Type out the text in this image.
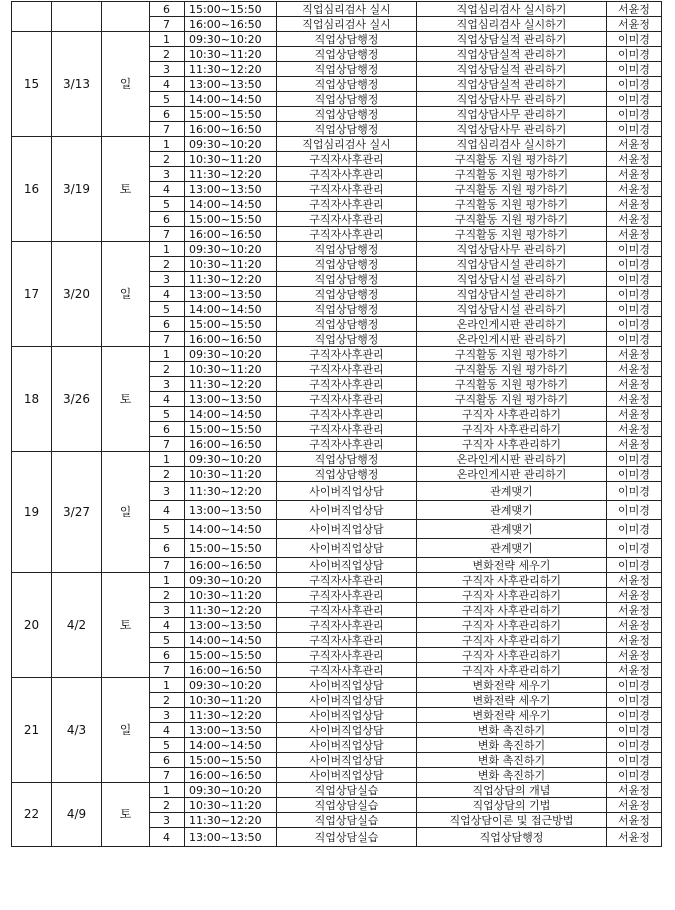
			6	15:00~15:50	직업심리검사 실시	직업심리검사 실시하기	서윤정
			7	16:00~16:50	직업심리검사 실시	직업심리검사 실시하기	서윤정
15	3/13	일	1	09:30~10:20	직업상담행정	직업상담실적 관리하기	이미경
			2	10:30~11:20	직업상담행정	직업상담실적 관리하기	이미경
			3	11:30~12:20	직업상담행정	직업상담실적 관리하기	이미경
			4	13:00~13:50	직업상담행정	직업상담실적 관리하기	이미경
			5	14:00~14:50	직업상담행정	직업상담사무 관리하기	이미경
			6	15:00~15:50	직업상담행정	직업상담사무 관리하기	이미경
			7	16:00~16:50	직업상담행정	직업상담사무 관리하기	이미경
16	3/19	토	1	09:30~10:20	직업심리검사 실시	직업심리검사 실시하기	서윤정
			2	10:30~11:20	구직자사후관리	구직활동 지원 평가하기	서윤정
			3	11:30~12:20	구직자사후관리	구직활동 지원 평가하기	서윤정
			4	13:00~13:50	구직자사후관리	구직활동 지원 평가하기	서윤정
			5	14:00~14:50	구직자사후관리	구직활동 지원 평가하기	서윤정
			6	15:00~15:50	구직자사후관리	구직활동 지원 평가하기	서윤정
			7	16:00~16:50	구직자사후관리	구직활동 지원 평가하기	서윤정
17	3/20	일	1	09:30~10:20	직업상담행정	직업상담사무 관리하기	이미경
			2	10:30~11:20	직업상담행정	직업상담시설 관리하기	이미경
			3	11:30~12:20	직업상담행정	직업상담시설 관리하기	이미경
			4	13:00~13:50	직업상담행정	직업상담시설 관리하기	이미경
			5	14:00~14:50	직업상담행정	직업상담시설 관리하기	이미경
			6	15:00~15:50	직업상담행정	온라인게시판 관리하기	이미경
			7	16:00~16:50	직업상담행정	온라인게시판 관리하기	이미경
18	3/26	토	1	09:30~10:20	구직자사후관리	구직활동 지원 평가하기	서윤정
			2	10:30~11:20	구직자사후관리	구직활동 지원 평가하기	서윤정
			3	11:30~12:20	구직자사후관리	구직활동 지원 평가하기	서윤정
			4	13:00~13:50	구직자사후관리	구직활동 지원 평가하기	서윤정
			5	14:00~14:50	구직자사후관리	구직자 사후관리하기	서윤정
			6	15:00~15:50	구직자사후관리	구직자 사후관리하기	서윤정
			7	16:00~16:50	구직자사후관리	구직자 사후관리하기	서윤정
19	3/27	일	1	09:30~10:20	직업상담행정	온라인게시판 관리하기	이미경
			2	10:30~11:20	직업상담행정	온라인게시판 관리하기	이미경
			3	11:30~12:20	사이버직업상담	관계맺기	이미경
			4	13:00~13:50	사이버직업상담	관계맺기	이미경
			5	14:00~14:50	사이버직업상담	관계맺기	이미경
			6	15:00~15:50	사이버직업상담	관계맺기	이미경
			7	16:00~16:50	사이버직업상담	변화전략 세우기	이미경
20	4/2	토	1	09:30~10:20	구직자사후관리	구직자 사후관리하기	서윤정
			2	10:30~11:20	구직자사후관리	구직자 사후관리하기	서윤정
			3	11:30~12:20	구직자사후관리	구직자 사후관리하기	서윤정
			4	13:00~13:50	구직자사후관리	구직자 사후관리하기	서윤정
			5	14:00~14:50	구직자사후관리	구직자 사후관리하기	서윤정
			6	15:00~15:50	구직자사후관리	구직자 사후관리하기	서윤정
			7	16:00~16:50	구직자사후관리	구직자 사후관리하기	서윤정
21	4/3	일	1	09:30~10:20	사이버직업상담	변화전략 세우기	이미경
			2	10:30~11:20	사이버직업상담	변화전략 세우기	이미경
			3	11:30~12:20	사이버직업상담	변화전략 세우기	이미경
			4	13:00~13:50	사이버직업상담	변화 촉진하기	이미경
			5	14:00~14:50	사이버직업상담	변화 촉진하기	이미경
			6	15:00~15:50	사이버직업상담	변화 촉진하기	이미경
			7	16:00~16:50	사이버직업상담	변화 촉진하기	이미경
22	4/9	토	1	09:30~10:20	직업상담실습	직업상담의 개념	서윤정
			2	10:30~11:20	직업상담실습	직업상담의 기법	서윤정
			3	11:30~12:20	직업상담실습	직업상담이론 및 접근방법	서윤정
			4	13:00~13:50	직업상담실습	직업상담행정	서윤정
